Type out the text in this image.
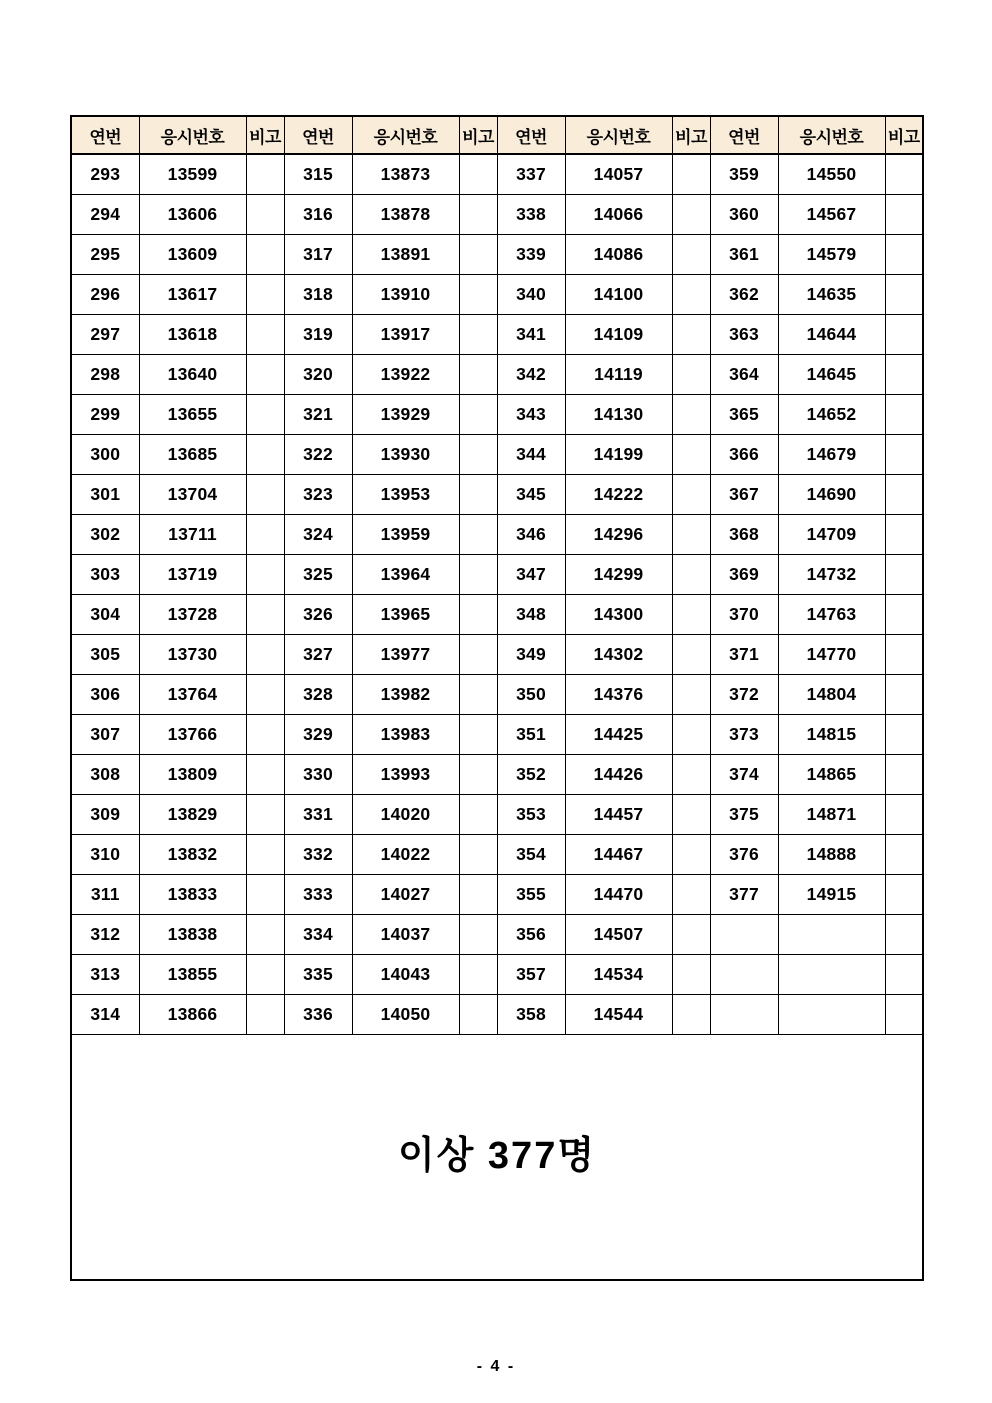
연번	응시번호	비고	연번	응시번호	비고	연번	응시번호	비고	연번	응시번호	비고
293	13599		315	13873		337	14057		359	14550	
294	13606		316	13878		338	14066		360	14567	
295	13609		317	13891		339	14086		361	14579	
296	13617		318	13910		340	14100		362	14635	
297	13618		319	13917		341	14109		363	14644	
298	13640		320	13922		342	14119		364	14645	
299	13655		321	13929		343	14130		365	14652	
300	13685		322	13930		344	14199		366	14679	
301	13704		323	13953		345	14222		367	14690	
302	13711		324	13959		346	14296		368	14709	
303	13719		325	13964		347	14299		369	14732	
304	13728		326	13965		348	14300		370	14763	
305	13730		327	13977		349	14302		371	14770	
306	13764		328	13982		350	14376		372	14804	
307	13766		329	13983		351	14425		373	14815	
308	13809		330	13993		352	14426		374	14865	
309	13829		331	14020		353	14457		375	14871	
310	13832		332	14022		354	14467		376	14888	
311	13833		333	14027		355	14470		377	14915	
312	13838		334	14037		356	14507				
313	13855		335	14043		357	14534				
314	13866		336	14050		358	14544				

이상 377명											
- 4 -
